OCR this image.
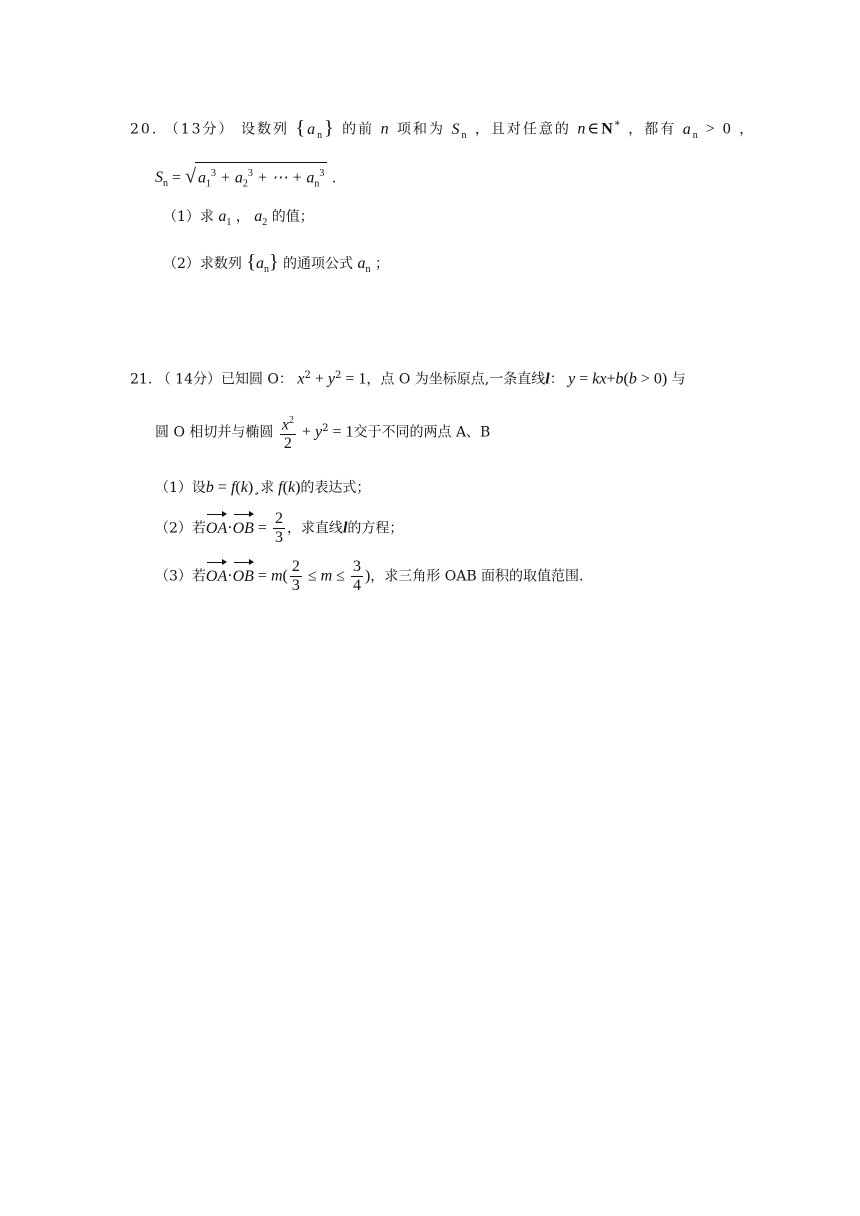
20. （13分） 设数列 $\{a_n\}$ 的前 n 项和为 $S_n$ ，且对任意的 n∈N* ，都有 $a_n > 0$ ，
$S_n$ = √ $a_1^3 + a_2^3$ + ⋯ + $a_n^3$ .
（1）求 $a_1$ ， $a_2$ 的值；
（2）求数列 $\{a_n\}$ 的通项公式 $a_n$ ；
21. （ 14分）已知圆 O： $x^2 + y^2 = 1$，点 O 为坐标原点,一条直线l： y = kx+b(b > 0) 与
圆 O 相切并与椭圆 $\frac{x^2}{2} + y^2 = 1$交于不同的两点 A、B
（1）设b = f(k)¸求 f(k)的表达式；
（2）若$OA\cdot OB = \frac{2}{3}$ ，求直线l的方程；
（3）若$OA\cdot OB = m( \frac{2}{3} \le m \le \frac{3}{4}$ )，求三角形 OAB 面积的取值范围.
